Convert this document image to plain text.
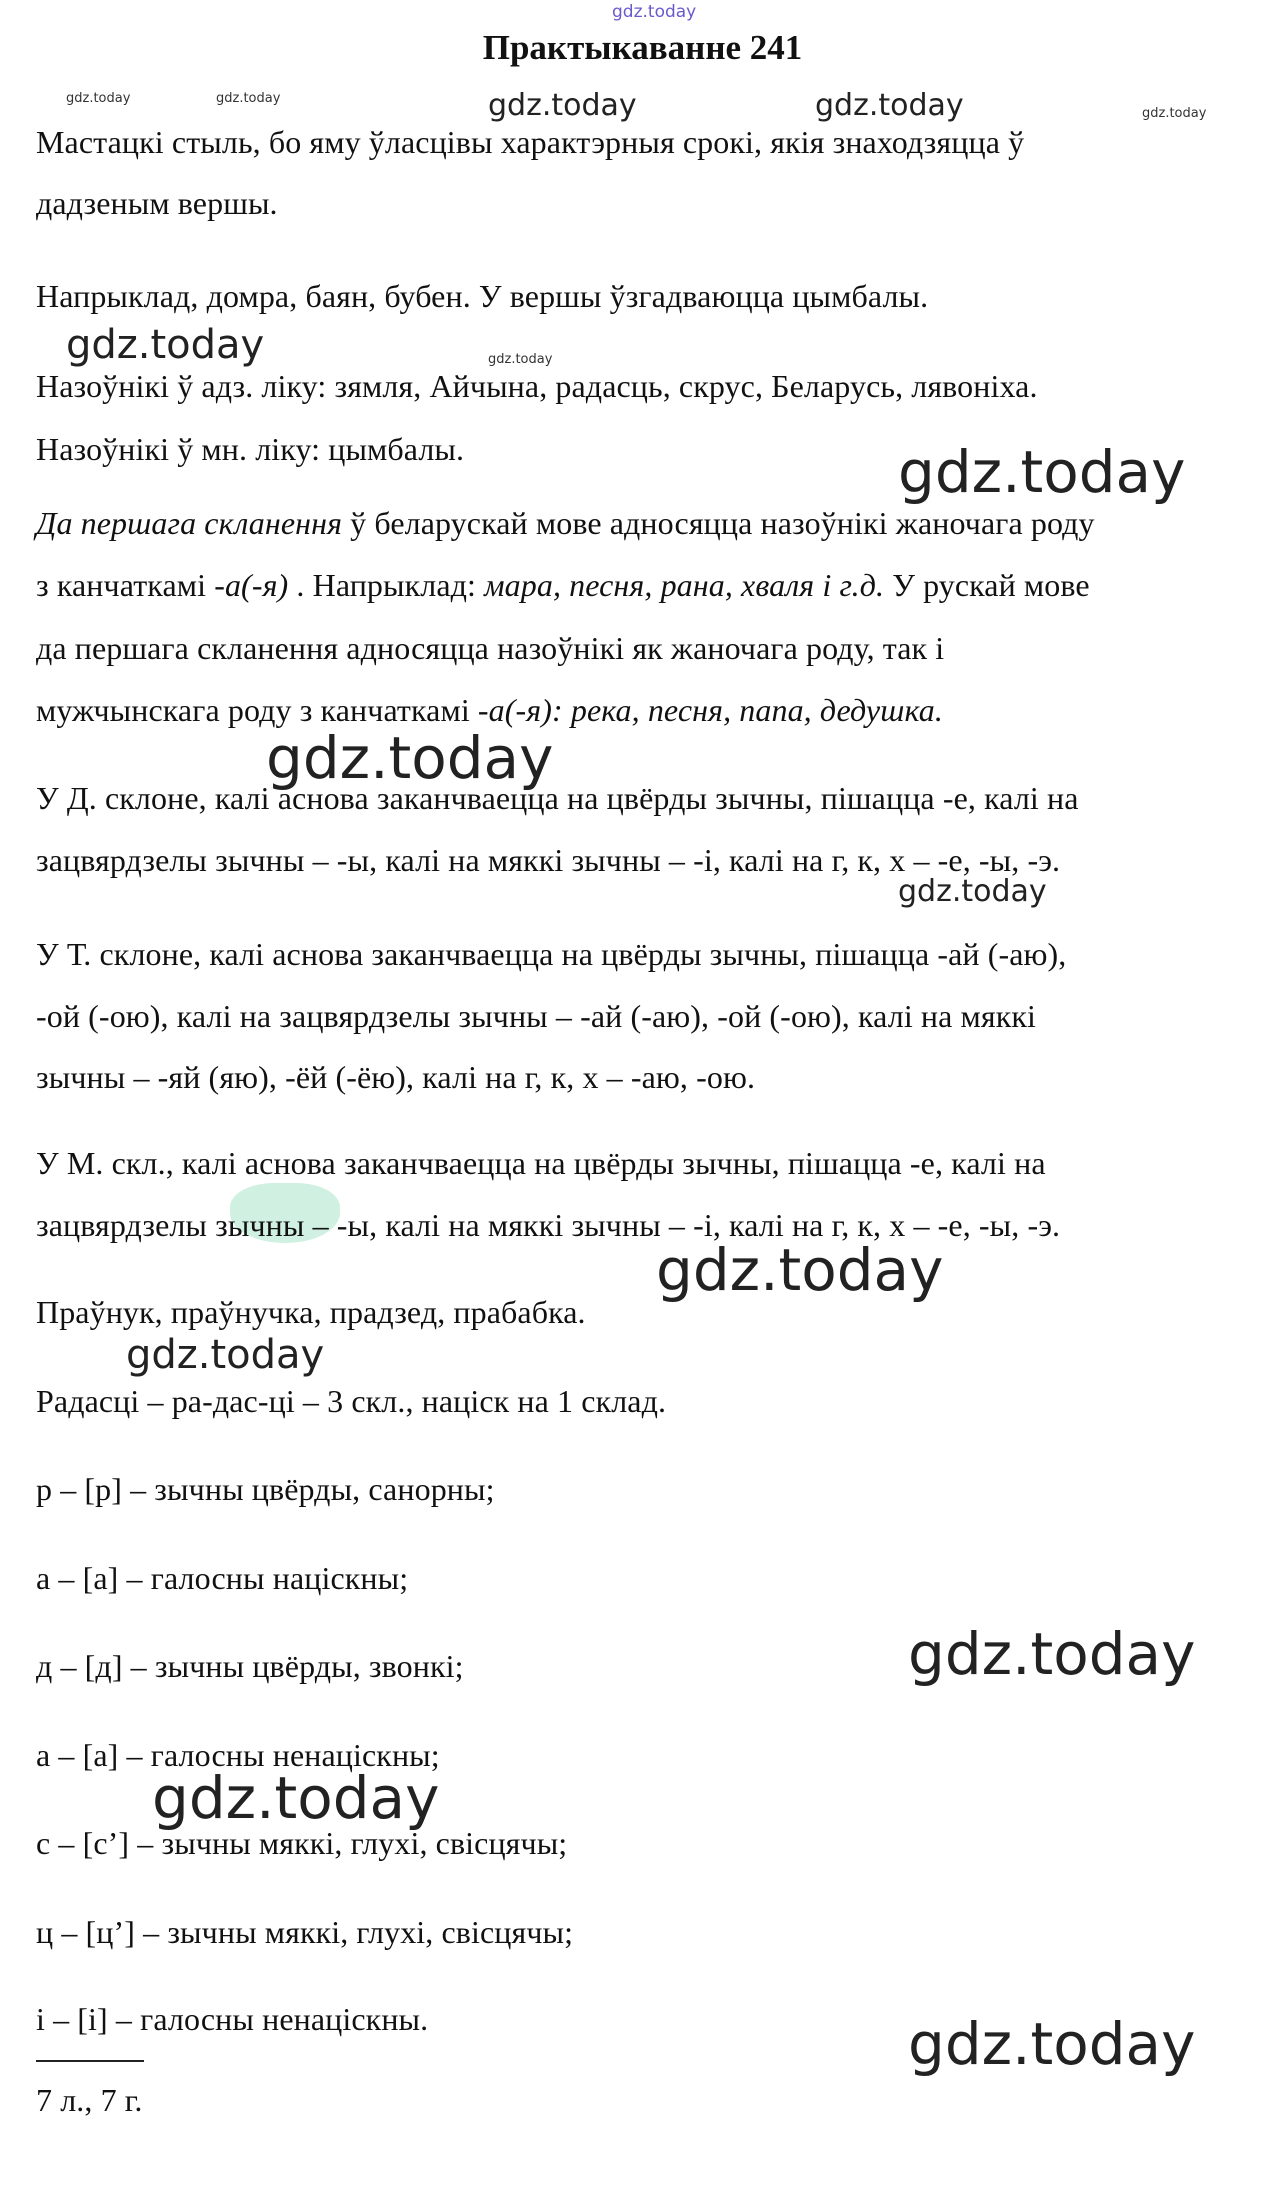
gdz.today
Практыкаванне 241
gdz.today	gdz.today	gdz.today	gdz.today	gdz.today
Мастацкі стыль, бо яму ўласцівы характэрныя срокі, якія знаходзяцца ў
дадзеным вершы.
Напрыклад, домра, баян, бубен. У вершы ўзгадваюцца цымбалы.
gdz.today	gdz.today
Назоўнікі ў адз. ліку: зямля, Айчына, радасць, скрус, Беларусь, лявоніха.
Назоўнікі ў мн. ліку: цымбалы.	gdz.today
Да першага скланення ў беларускай мове адносяцца назоўнікі жаночага роду
з канчаткамі -а(-я) . Напрыклад: мара, песня, рана, хваля і г.д. У рускай мове
да першага скланення адносяцца назоўнікі як жаночага роду, так і
мужчынскага роду з канчаткамі -а(-я): река, песня, папа, дедушка.
gdz.today
У Д. склоне, калі аснова заканчваецца на цвёрды зычны, пішацца -е, калі на
зацвярдзелы зычны – -ы, калі на мяккі зычны – -і, калі на г, к, х – -е, -ы, -э.
gdz.today
У Т. склоне, калі аснова заканчваецца на цвёрды зычны, пішацца -ай (-аю),
-ой (-ою), калі на зацвярдзелы зычны – -ай (-аю), -ой (-ою), калі на мяккі
зычны – -яй (яю), -ёй (-ёю), калі на г, к, х – -аю, -ою.
У М. скл., калі аснова заканчваецца на цвёрды зычны, пішацца -е, калі на
зацвярдзелы зычны – -ы, калі на мяккі зычны – -і, калі на г, к, х – -е, -ы, -э.
gdz.today
Праўнук, праўнучка, прадзед, прабабка.
gdz.today
Радасці – ра-дас-ці – 3 скл., націск на 1 склад.
р – [р] – зычны цвёрды, санорны;
а – [а] – галосны націскны;
gdz.today
д – [д] – зычны цвёрды, звонкі;
а – [а] – галосны ненаціскны;
gdz.today
с – [с’] – зычны мяккі, глухі, свісцячы;
ц – [ц’] – зычны мяккі, глухі, свісцячы;
і – [і] – галосны ненаціскны.	gdz.today
7 л., 7 г.
